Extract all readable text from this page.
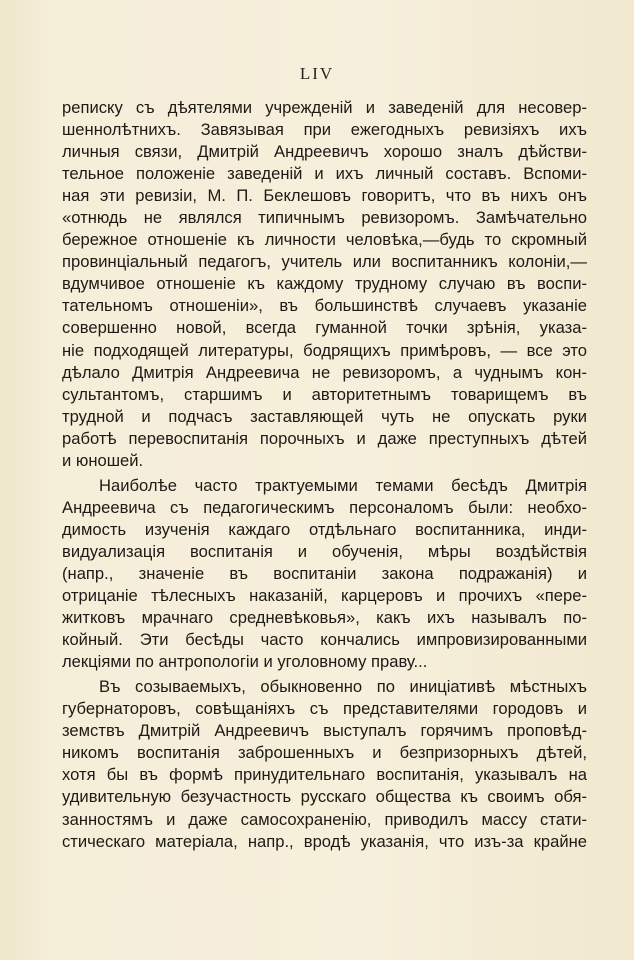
LIV
реписку съ дѣятелями учрежденій и заведеній для несовер-
шеннолѣтнихъ. Завязывая при ежегодныхъ ревизіяхъ ихъ
личныя связи, Дмитрій Андреевичъ хорошо зналъ дѣйстви-
тельное положеніе заведеній и ихъ личный составъ. Вспоми-
ная эти ревизіи, М. П. Беклешовъ говоритъ, что въ нихъ онъ
«отнюдь не являлся типичнымъ ревизоромъ. Замѣчательно
бережное отношеніе къ личности человѣка,—будь то скромный
провинціальный педагогъ, учитель или воспитанникъ колоніи,—
вдумчивое отношеніе къ каждому трудному случаю въ воспи-
тательномъ отношеніи», въ большинствѣ случаевъ указаніе
совершенно новой, всегда гуманной точки зрѣнія, указа-
ніе подходящей литературы, бодрящихъ примѣровъ, — все это
дѣлало Дмитрія Андреевича не ревизоромъ, а чуднымъ кон-
сультантомъ, старшимъ и авторитетнымъ товарищемъ въ
трудной и подчасъ заставляющей чуть не опускать руки
работѣ перевоспитанія порочныхъ и даже преступныхъ дѣтей
и юношей.
Наиболѣе часто трактуемыми темами бесѣдъ Дмитрія
Андреевича съ педагогическимъ персоналомъ были: необхо-
димость изученія каждаго отдѣльнаго воспитанника, инди-
видуализація воспитанія и обученія, мѣры воздѣйствія
(напр., значеніе въ воспитаніи закона подражанія) и
отрицаніе тѣлесныхъ наказаній, карцеровъ и прочихъ «пере-
житковъ мрачнаго средневѣковья», какъ ихъ называлъ по-
койный. Эти бесѣды часто кончались импровизированными
лекціями по антропологіи и уголовному праву...
Въ созываемыхъ, обыкновенно по иниціативѣ мѣстныхъ
губернаторовъ, совѣщаніяхъ съ представителями городовъ и
земствъ Дмитрій Андреевичъ выступалъ горячимъ проповѣд-
никомъ воспитанія заброшенныхъ и безпризорныхъ дѣтей,
хотя бы въ формѣ принудительнаго воспитанія, указывалъ на
удивительную безучастность русскаго общества къ своимъ обя-
занностямъ и даже самосохраненію, приводилъ массу стати-
стическаго матеріала, напр., вродѣ указанія, что изъ-за крайне
